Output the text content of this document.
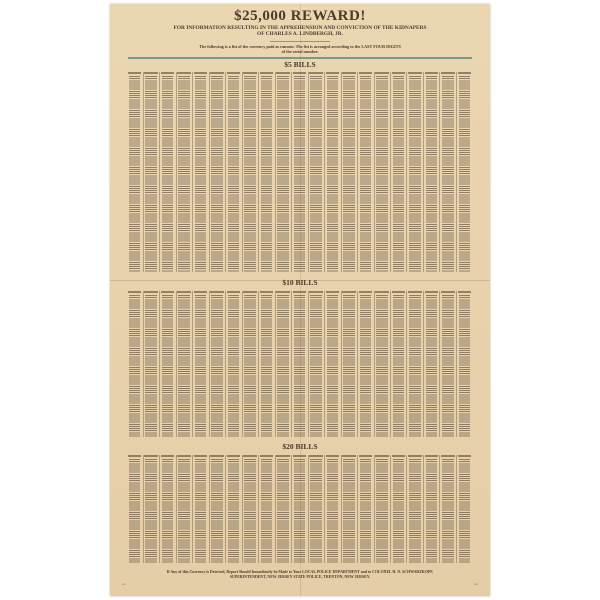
$25,000 REWARD!
FOR INFORMATION RESULTING IN THE APPREHENSION AND CONVICTION OF THE KIDNAPERS
OF CHARLES A. LINDBERGH, JR.
The following is a list of the currency paid as ransom. The list is arranged according to the LAST FOUR DIGITS
of the serial number.
$5 BILLS
$10 BILLS
$20 BILLS
If Any of this Currency is Detected, Report Should Immediately be Made to Your LOCAL POLICE DEPARTMENT and to COLONEL H. N. SCHWARZKOPF,
SUPERINTENDENT, NEW JERSEY STATE POLICE, TRENTON, NEW JERSEY.
▪▪▪	▪▪▪▪
